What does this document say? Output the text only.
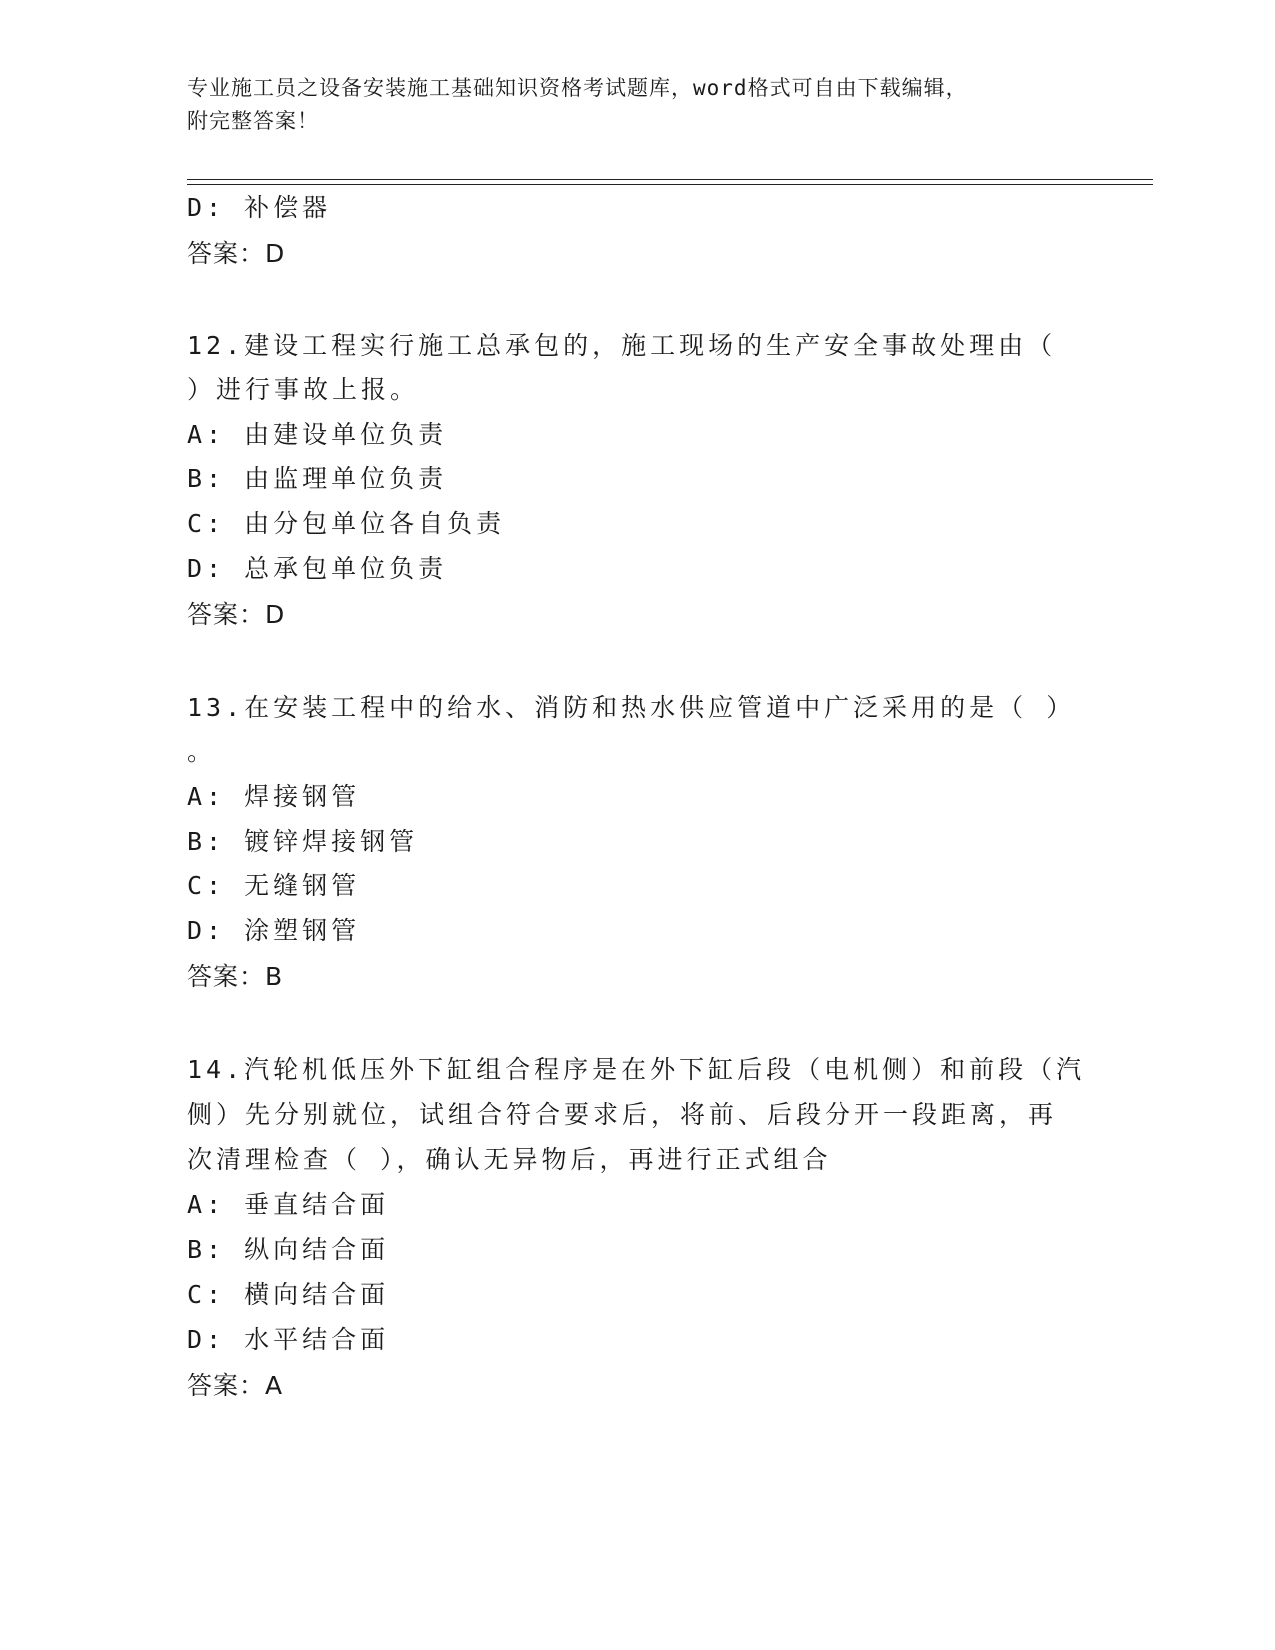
专业施工员之设备安装施工基础知识资格考试题库，word格式可自由下载编辑，
附完整答案！
D: 补偿器
答案：D
12.建设工程实行施工总承包的，施工现场的生产安全事故处理由（
）进行事故上报。
A: 由建设单位负责
B: 由监理单位负责
C: 由分包单位各自负责
D: 总承包单位负责
答案：D
13.在安装工程中的给水、消防和热水供应管道中广泛采用的是（ ）
。
A: 焊接钢管
B: 镀锌焊接钢管
C: 无缝钢管
D: 涂塑钢管
答案：B
14.汽轮机低压外下缸组合程序是在外下缸后段（电机侧）和前段（汽
侧）先分别就位，试组合符合要求后，将前、后段分开一段距离，再
次清理检查（ ），确认无异物后，再进行正式组合
A: 垂直结合面
B: 纵向结合面
C: 横向结合面
D: 水平结合面
答案：A
